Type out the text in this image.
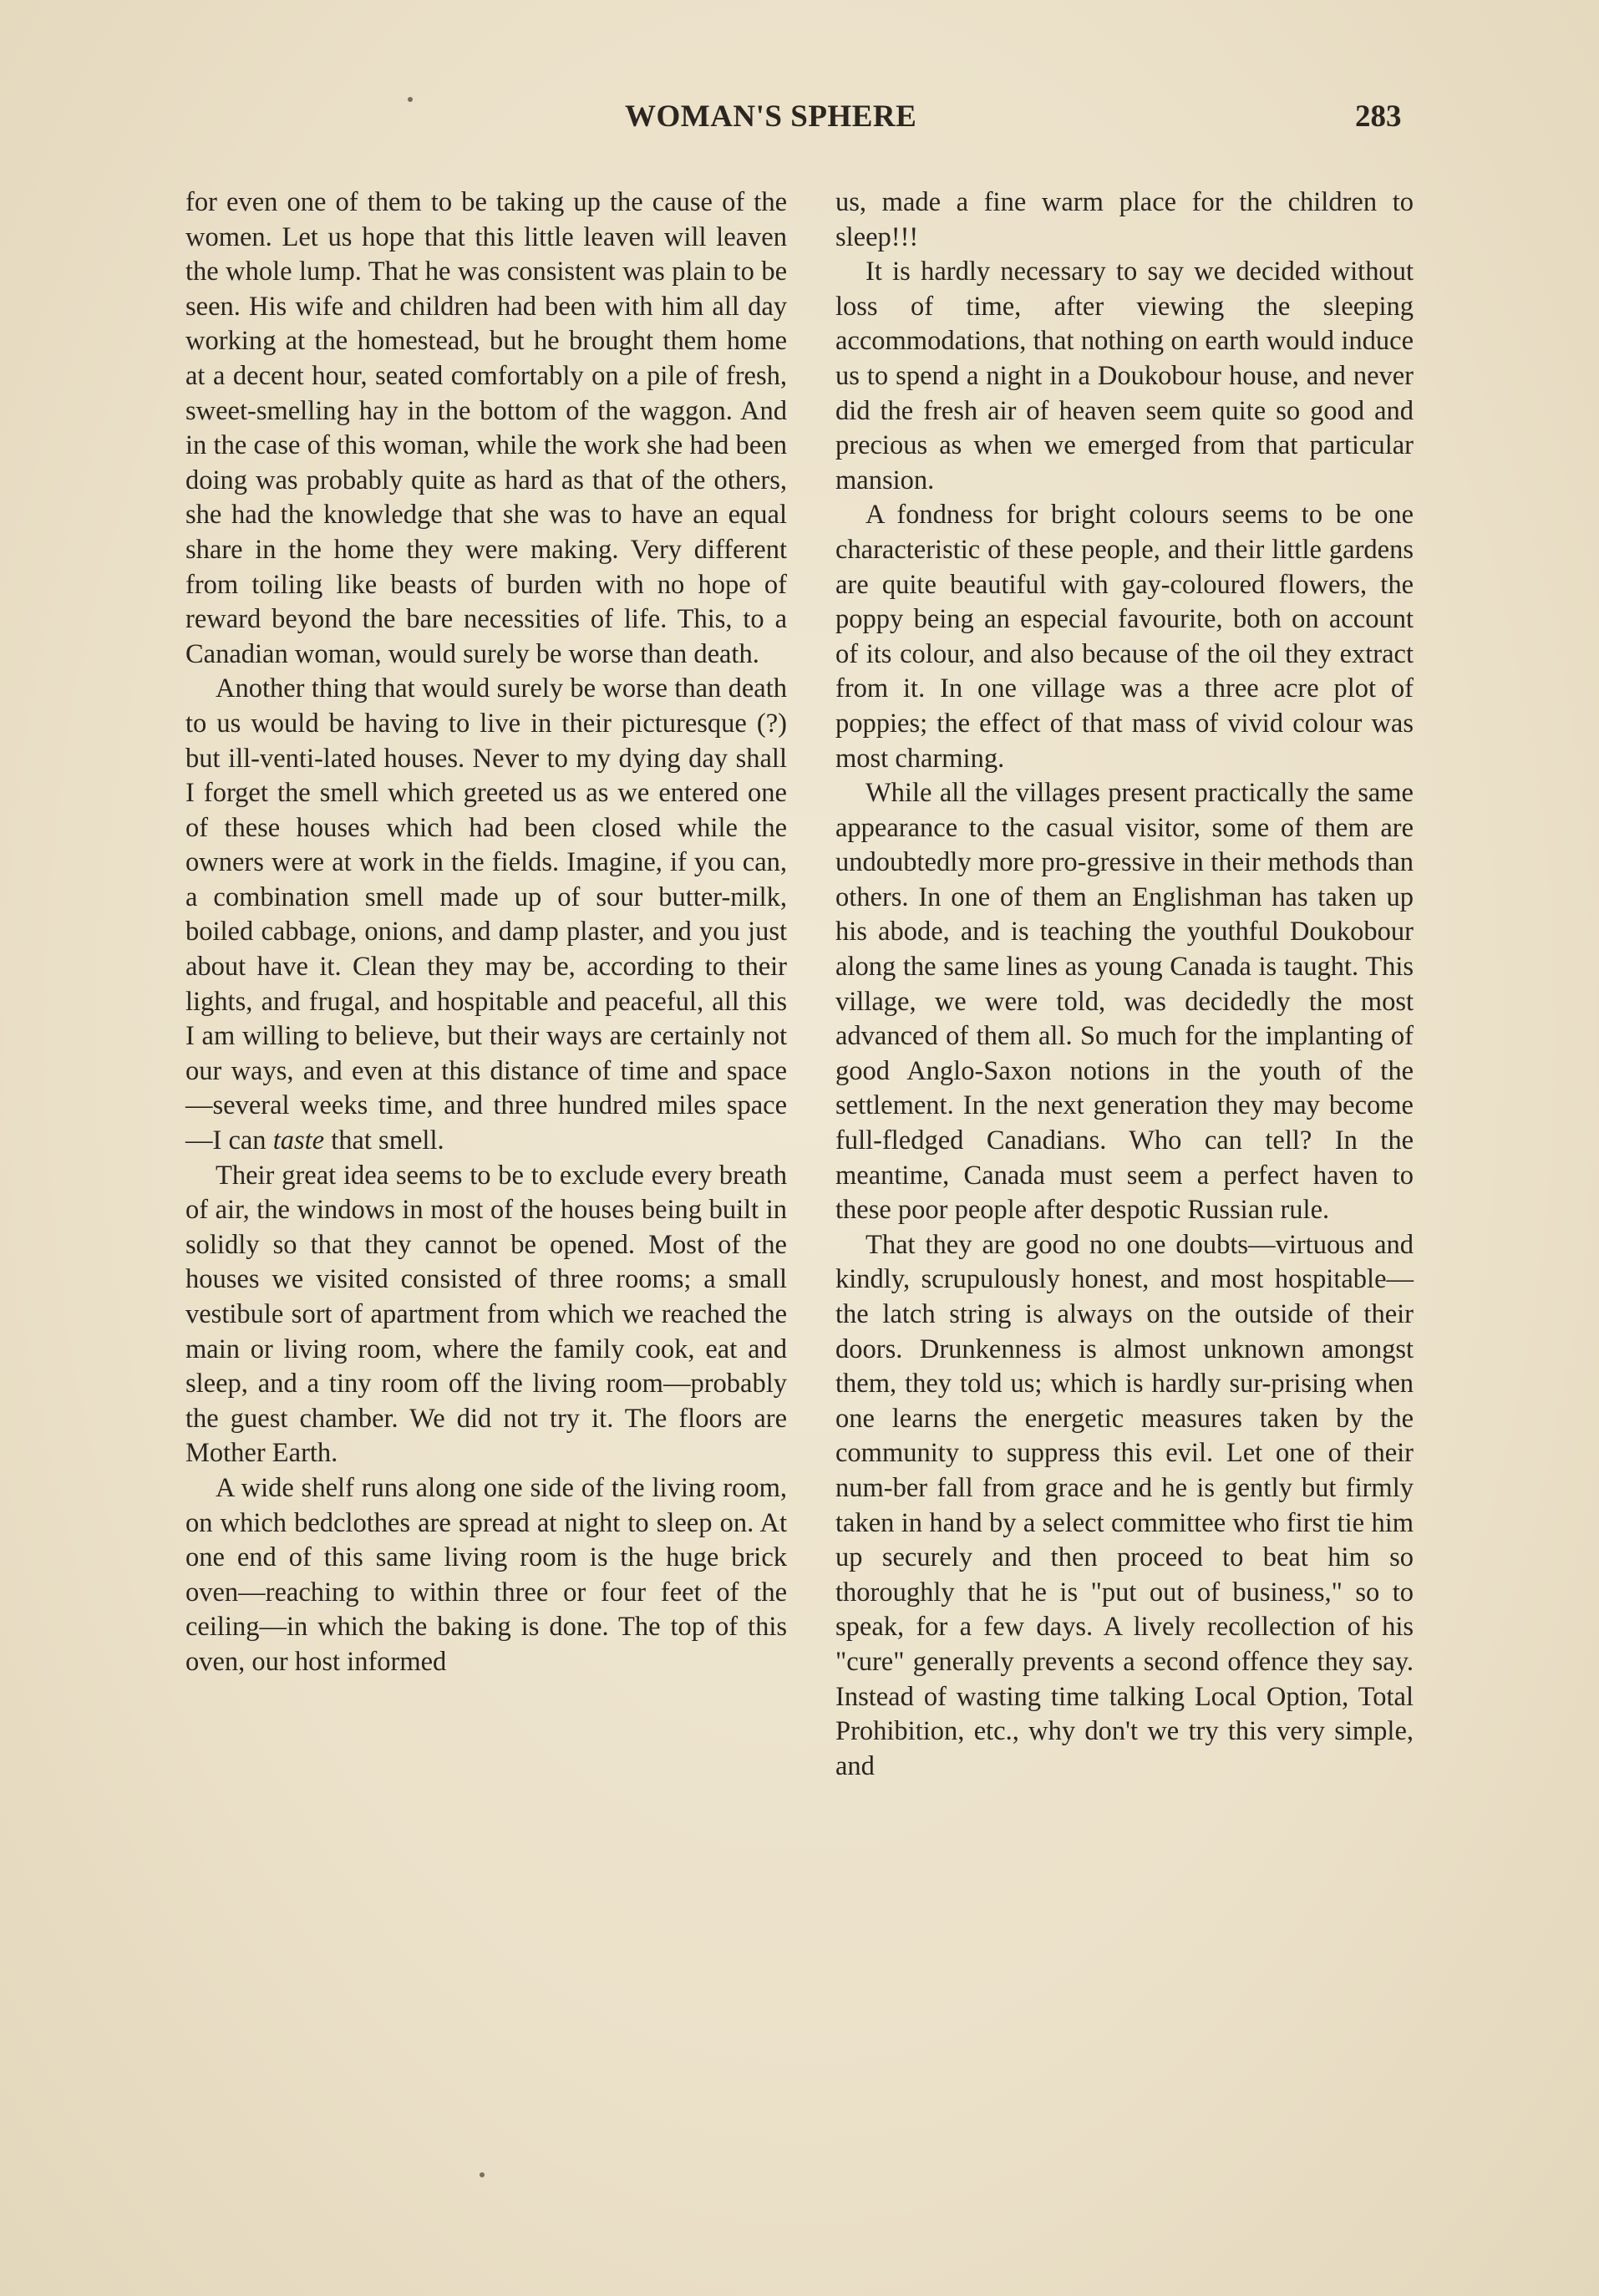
WOMAN'S SPHERE	283

for even one of them to be taking up the cause of the women. Let us hope that this little leaven will leaven the whole lump. That he was consistent was plain to be seen. His wife and children had been with him all day working at the homestead, but he brought them home at a decent hour, seated comfortably on a pile of fresh, sweet-smelling hay in the bottom of the waggon. And in the case of this woman, while the work she had been doing was probably quite as hard as that of the others, she had the knowledge that she was to have an equal share in the home they were making. Very different from toiling like beasts of burden with no hope of reward beyond the bare necessities of life. This, to a Canadian woman, would surely be worse than death.

Another thing that would surely be worse than death to us would be having to live in their picturesque (?) but ill-venti-lated houses. Never to my dying day shall I forget the smell which greeted us as we entered one of these houses which had been closed while the owners were at work in the fields. Imagine, if you can, a combination smell made up of sour butter-milk, boiled cabbage, onions, and damp plaster, and you just about have it. Clean they may be, according to their lights, and frugal, and hospitable and peaceful, all this I am willing to believe, but their ways are certainly not our ways, and even at this distance of time and space—several weeks time, and three hundred miles space—I can taste that smell.

Their great idea seems to be to exclude every breath of air, the windows in most of the houses being built in solidly so that they cannot be opened. Most of the houses we visited consisted of three rooms; a small vestibule sort of apartment from which we reached the main or living room, where the family cook, eat and sleep, and a tiny room off the living room—probably the guest chamber. We did not try it. The floors are Mother Earth.

A wide shelf runs along one side of the living room, on which bedclothes are spread at night to sleep on. At one end of this same living room is the huge brick oven—reaching to within three or four feet of the ceiling—in which the baking is done. The top of this oven, our host informed

us, made a fine warm place for the children to sleep!!!

It is hardly necessary to say we decided without loss of time, after viewing the sleeping accommodations, that nothing on earth would induce us to spend a night in a Doukobour house, and never did the fresh air of heaven seem quite so good and precious as when we emerged from that particular mansion.

A fondness for bright colours seems to be one characteristic of these people, and their little gardens are quite beautiful with gay-coloured flowers, the poppy being an especial favourite, both on account of its colour, and also because of the oil they extract from it. In one village was a three acre plot of poppies; the effect of that mass of vivid colour was most charming.

While all the villages present practically the same appearance to the casual visitor, some of them are undoubtedly more pro-gressive in their methods than others. In one of them an Englishman has taken up his abode, and is teaching the youthful Doukobour along the same lines as young Canada is taught. This village, we were told, was decidedly the most advanced of them all. So much for the implanting of good Anglo-Saxon notions in the youth of the settlement. In the next generation they may become full-fledged Canadians. Who can tell? In the meantime, Canada must seem a perfect haven to these poor people after despotic Russian rule.

That they are good no one doubts—virtuous and kindly, scrupulously honest, and most hospitable—the latch string is always on the outside of their doors. Drunkenness is almost unknown amongst them, they told us; which is hardly sur-prising when one learns the energetic measures taken by the community to suppress this evil. Let one of their num-ber fall from grace and he is gently but firmly taken in hand by a select committee who first tie him up securely and then proceed to beat him so thoroughly that he is "put out of business," so to speak, for a few days. A lively recollection of his "cure" generally prevents a second offence they say. Instead of wasting time talking Local Option, Total Prohibition, etc., why don't we try this very simple, and
